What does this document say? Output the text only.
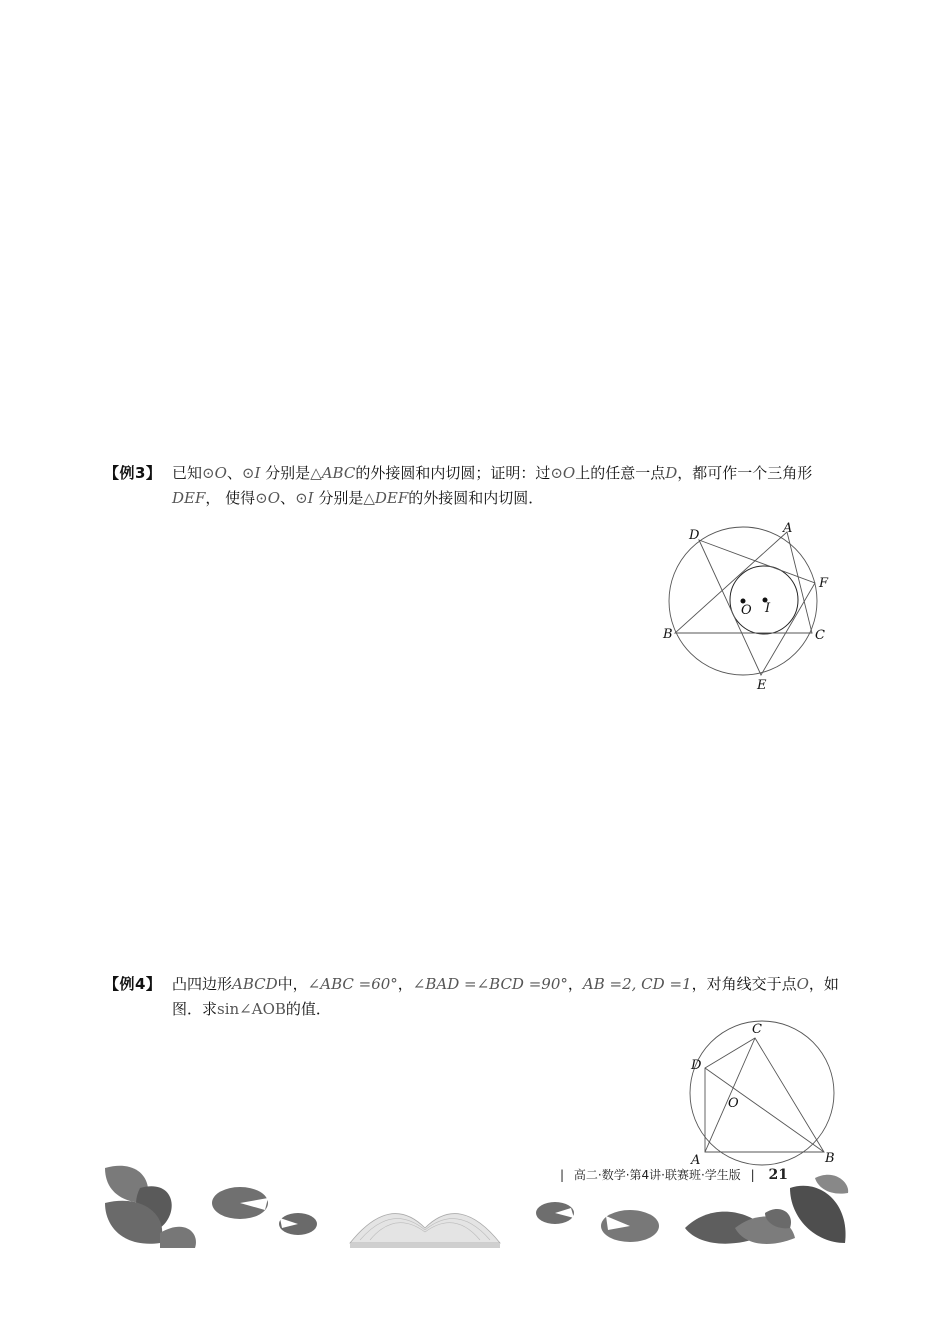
【例3】 已知⊙O、⊙I 分别是△ABC的外接圆和内切圆；证明：过⊙O上的任意一点D，都可作一个三角形DEF， 使得⊙O、⊙I 分别是△DEF的外接圆和内切圆．
A
B	C
D
E
F
O I
【例4】 凸四边形ABCD中，∠ABC =60°，∠BAD =∠BCD =90°，AB =2, CD =1，对角线交于点O，如图．求sin∠AOB的值．
A	B
C
D
O
| 高二·数学·第4讲·联赛班·学生版 | 21
